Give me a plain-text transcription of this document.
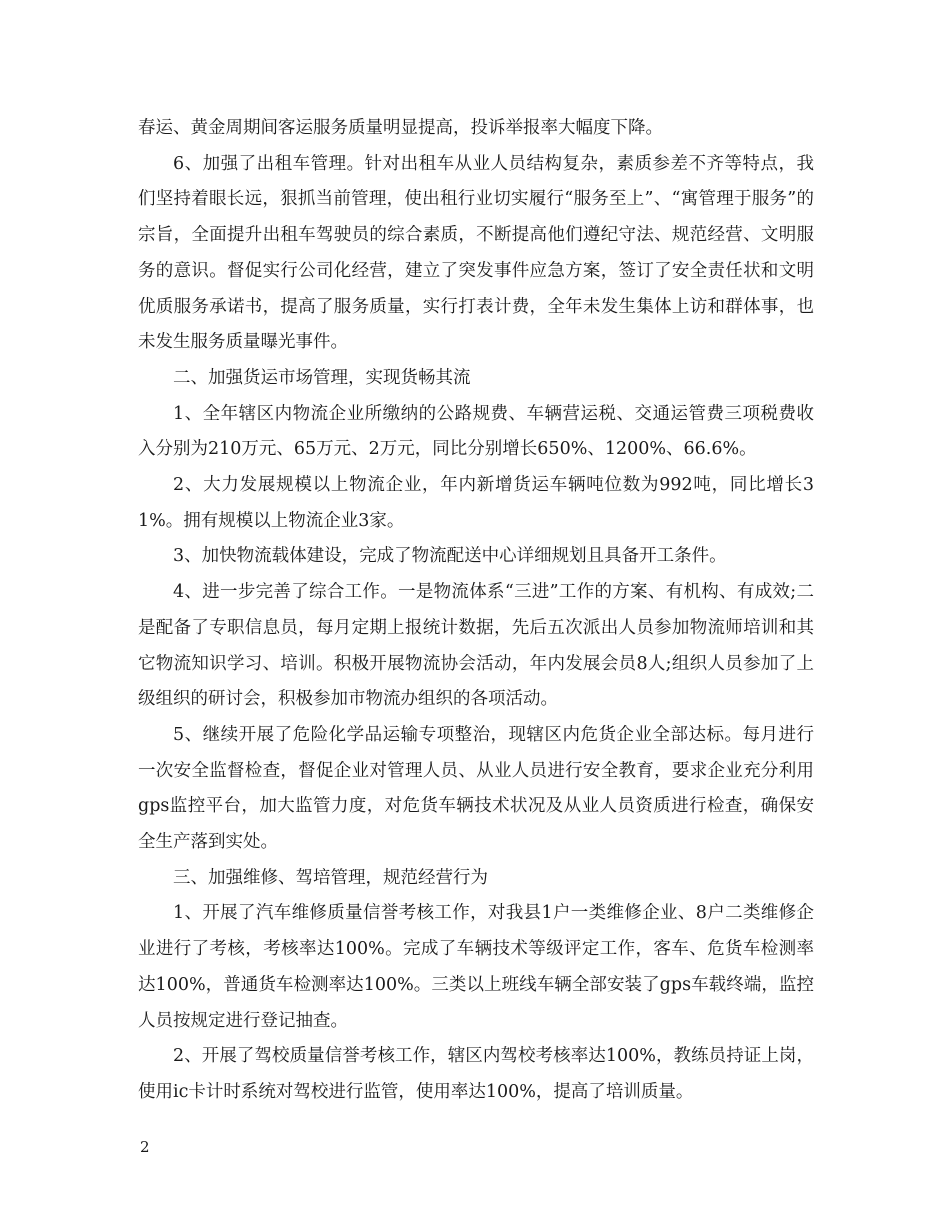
春运、黄金周期间客运服务质量明显提高，投诉举报率大幅度下降。

6、加强了出租车管理。针对出租车从业人员结构复杂，素质参差不齐等特点，我们坚持着眼长远，狠抓当前管理，使出租行业切实履行“服务至上”、“寓管理于服务”的宗旨，全面提升出租车驾驶员的综合素质，不断提高他们遵纪守法、规范经营、文明服务的意识。督促实行公司化经营，建立了突发事件应急方案，签订了安全责任状和文明优质服务承诺书，提高了服务质量，实行打表计费，全年未发生集体上访和群体事，也未发生服务质量曝光事件。

二、加强货运市场管理，实现货畅其流

1、全年辖区内物流企业所缴纳的公路规费、车辆营运税、交通运管费三项税费收入分别为210万元、65万元、2万元，同比分别增长650%、1200%、66.6%。

2、大力发展规模以上物流企业，年内新增货运车辆吨位数为992吨，同比增长31%。拥有规模以上物流企业3家。

3、加快物流载体建设，完成了物流配送中心详细规划且具备开工条件。

4、进一步完善了综合工作。一是物流体系“三进”工作的方案、有机构、有成效;二是配备了专职信息员，每月定期上报统计数据，先后五次派出人员参加物流师培训和其它物流知识学习、培训。积极开展物流协会活动，年内发展会员8人;组织人员参加了上级组织的研讨会，积极参加市物流办组织的各项活动。

5、继续开展了危险化学品运输专项整治，现辖区内危货企业全部达标。每月进行一次安全监督检查，督促企业对管理人员、从业人员进行安全教育，要求企业充分利用gps监控平台，加大监管力度，对危货车辆技术状况及从业人员资质进行检查，确保安全生产落到实处。

三、加强维修、驾培管理，规范经营行为

1、开展了汽车维修质量信誉考核工作，对我县1户一类维修企业、8户二类维修企业进行了考核，考核率达100%。完成了车辆技术等级评定工作，客车、危货车检测率达100%，普通货车检测率达100%。三类以上班线车辆全部安装了gps车载终端，监控人员按规定进行登记抽查。

2、开展了驾校质量信誉考核工作，辖区内驾校考核率达100%，教练员持证上岗，使用ic卡计时系统对驾校进行监管，使用率达100%，提高了培训质量。

2
